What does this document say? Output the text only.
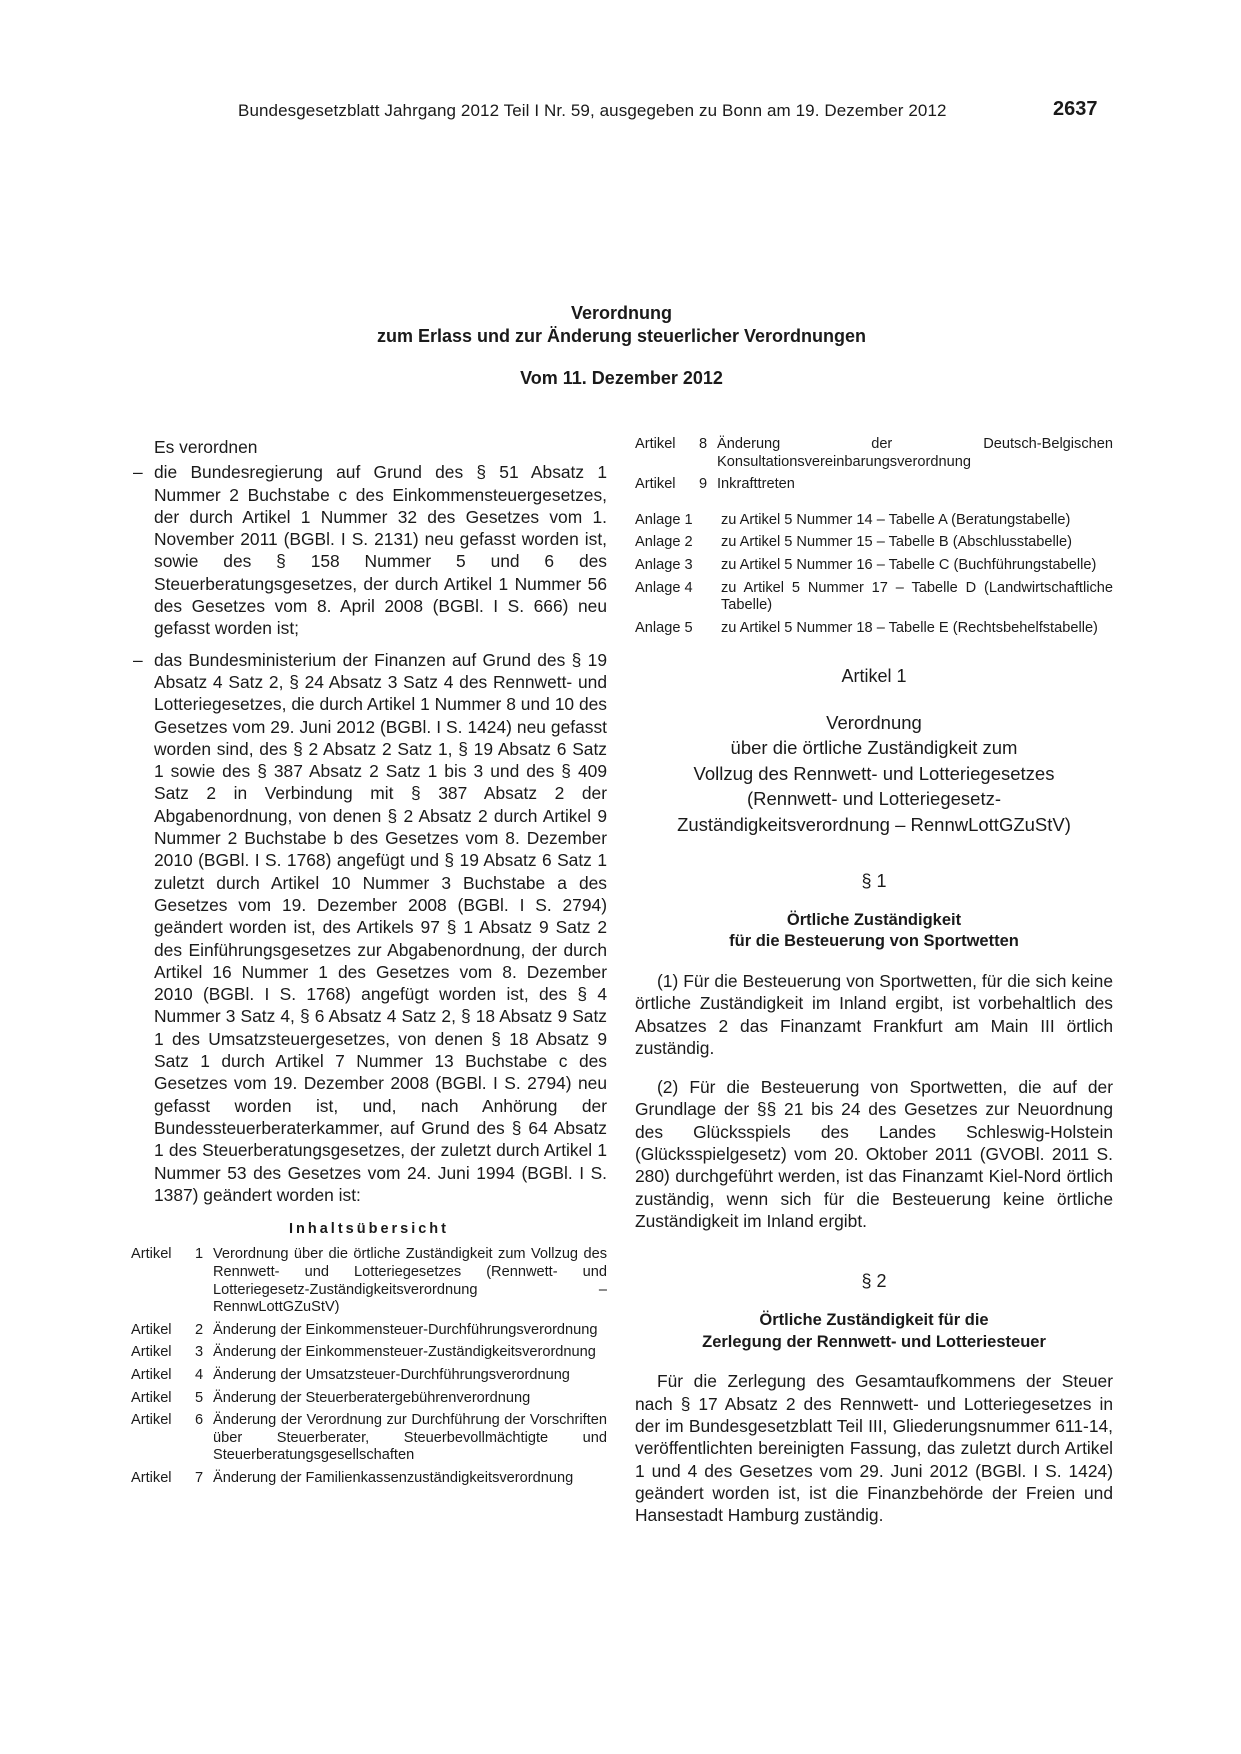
Bundesgesetzblatt Jahrgang 2012 Teil I Nr. 59, ausgegeben zu Bonn am 19. Dezember 2012	2637
Verordnung
zum Erlass und zur Änderung steuerlicher Verordnungen
Vom 11. Dezember 2012
Es verordnen
– die Bundesregierung auf Grund des § 51 Absatz 1 Nummer 2 Buchstabe c des Einkommensteuergesetzes, der durch Artikel 1 Nummer 32 des Gesetzes vom 1. November 2011 (BGBl. I S. 2131) neu gefasst worden ist, sowie des § 158 Nummer 5 und 6 des Steuerberatungsgesetzes, der durch Artikel 1 Nummer 56 des Gesetzes vom 8. April 2008 (BGBl. I S. 666) neu gefasst worden ist;
– das Bundesministerium der Finanzen auf Grund des § 19 Absatz 4 Satz 2, § 24 Absatz 3 Satz 4 des Rennwett- und Lotteriegesetzes, die durch Artikel 1 Nummer 8 und 10 des Gesetzes vom 29. Juni 2012 (BGBl. I S. 1424) neu gefasst worden sind, des § 2 Absatz 2 Satz 1, § 19 Absatz 6 Satz 1 sowie des § 387 Absatz 2 Satz 1 bis 3 und des § 409 Satz 2 in Verbindung mit § 387 Absatz 2 der Abgabenordnung, von denen § 2 Absatz 2 durch Artikel 9 Nummer 2 Buchstabe b des Gesetzes vom 8. Dezember 2010 (BGBl. I S. 1768) angefügt und § 19 Absatz 6 Satz 1 zuletzt durch Artikel 10 Nummer 3 Buchstabe a des Gesetzes vom 19. Dezember 2008 (BGBl. I S. 2794) geändert worden ist, des Artikels 97 § 1 Absatz 9 Satz 2 des Einführungsgesetzes zur Abgabenordnung, der durch Artikel 16 Nummer 1 des Gesetzes vom 8. Dezember 2010 (BGBl. I S. 1768) angefügt worden ist, des § 4 Nummer 3 Satz 4, § 6 Absatz 4 Satz 2, § 18 Absatz 9 Satz 1 des Umsatzsteuergesetzes, von denen § 18 Absatz 9 Satz 1 durch Artikel 7 Nummer 13 Buchstabe c des Gesetzes vom 19. Dezember 2008 (BGBl. I S. 2794) neu gefasst worden ist, und, nach Anhörung der Bundessteuerberaterkammer, auf Grund des § 64 Absatz 1 des Steuerberatungsgesetzes, der zuletzt durch Artikel 1 Nummer 53 des Gesetzes vom 24. Juni 1994 (BGBl. I S. 1387) geändert worden ist:
Inhaltsübersicht
Artikel	1 Verordnung über die örtliche Zuständigkeit zum Vollzug des Rennwett- und Lotteriegesetzes (Rennwett- und Lotteriegesetz-Zuständigkeitsverordnung – RennwLottGZuStV)
Artikel	2 Änderung der Einkommensteuer-Durchführungsverordnung
Artikel	3 Änderung der Einkommensteuer-Zuständigkeitsverordnung
Artikel	4 Änderung der Umsatzsteuer-Durchführungsverordnung
Artikel	5 Änderung der Steuerberatergebührenverordnung
Artikel	6 Änderung der Verordnung zur Durchführung der Vorschriften über Steuerberater, Steuerbevollmächtigte und Steuerberatungsgesellschaften
Artikel	7 Änderung der Familienkassenzuständigkeitsverordnung
Artikel	8 Änderung der Deutsch-Belgischen Konsultationsvereinbarungsverordnung
Artikel	9 Inkrafttreten
Anlage 1	zu Artikel 5 Nummer 14 – Tabelle A (Beratungstabelle)
Anlage 2	zu Artikel 5 Nummer 15 – Tabelle B (Abschlusstabelle)
Anlage 3	zu Artikel 5 Nummer 16 – Tabelle C (Buchführungstabelle)
Anlage 4	zu Artikel 5 Nummer 17 – Tabelle D (Landwirtschaftliche Tabelle)
Anlage 5	zu Artikel 5 Nummer 18 – Tabelle E (Rechtsbehelfstabelle)
Artikel 1
Verordnung
über die örtliche Zuständigkeit zum
Vollzug des Rennwett- und Lotteriegesetzes
(Rennwett- und Lotteriegesetz-
Zuständigkeitsverordnung – RennwLottGZuStV)
§ 1
Örtliche Zuständigkeit
für die Besteuerung von Sportwetten
(1) Für die Besteuerung von Sportwetten, für die sich keine örtliche Zuständigkeit im Inland ergibt, ist vorbehaltlich des Absatzes 2 das Finanzamt Frankfurt am Main III örtlich zuständig.
(2) Für die Besteuerung von Sportwetten, die auf der Grundlage der §§ 21 bis 24 des Gesetzes zur Neuordnung des Glücksspiels des Landes Schleswig-Holstein (Glücksspielgesetz) vom 20. Oktober 2011 (GVOBl. 2011 S. 280) durchgeführt werden, ist das Finanzamt Kiel-Nord örtlich zuständig, wenn sich für die Besteuerung keine örtliche Zuständigkeit im Inland ergibt.
§ 2
Örtliche Zuständigkeit für die
Zerlegung der Rennwett- und Lotteriesteuer
Für die Zerlegung des Gesamtaufkommens der Steuer nach § 17 Absatz 2 des Rennwett- und Lotteriegesetzes in der im Bundesgesetzblatt Teil III, Gliederungsnummer 611-14, veröffentlichten bereinigten Fassung, das zuletzt durch Artikel 1 und 4 des Gesetzes vom 29. Juni 2012 (BGBl. I S. 1424) geändert worden ist, ist die Finanzbehörde der Freien und Hansestadt Hamburg zuständig.
